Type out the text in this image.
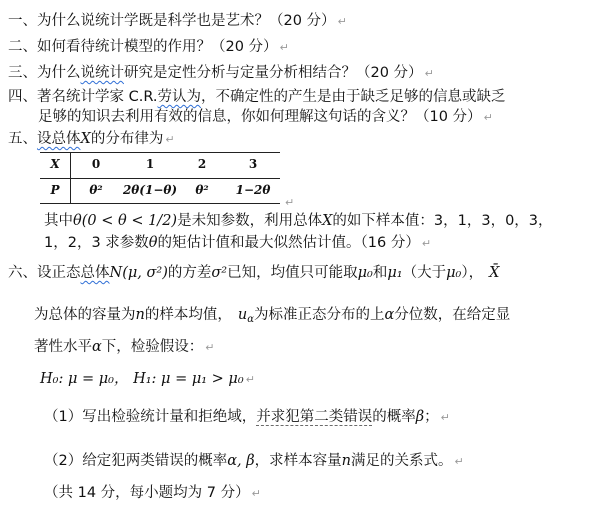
一、为什么说统计学既是科学也是艺术？（20 分） ↵
二、如何看待统计模型的作用？（20 分） ↵
三、为什么说统计研究是定性分析与定量分析相结合？（20 分） ↵
四、著名统计学家 C.R.劳认为，不确定性的产生是由于缺乏足够的信息或缺乏
足够的知识去利用有效的信息，你如何理解这句话的含义？（10 分） ↵
五、设总体X的分布律为 ↵
X	0	1	2	3
P	θ²	2θ(1−θ)	θ²	1−2θ
↵
其中θ(0 < θ < 1/2)是未知参数，利用总体X的如下样本值：3，1，3，0，3，
1，2，3 求参数θ的矩估计值和最大似然估计值。（16 分） ↵
六、设正态总体N(μ, σ²)的方差σ²已知，均值只可能取μ₀和μ₁（大于μ₀）， X̄
为总体的容量为n的样本均值， $u_\alpha$为标准正态分布的上α分位数，在给定显
著性水平α下，检验假设： ↵
H₀: μ = μ₀， H₁: μ = μ₁ > μ₀ ↵
（1）写出检验统计量和拒绝域，并求犯第二类错误的概率β； ↵
（2）给定犯两类错误的概率α, β，求样本容量n满足的关系式。 ↵
（共 14 分，每小题均为 7 分） ↵
